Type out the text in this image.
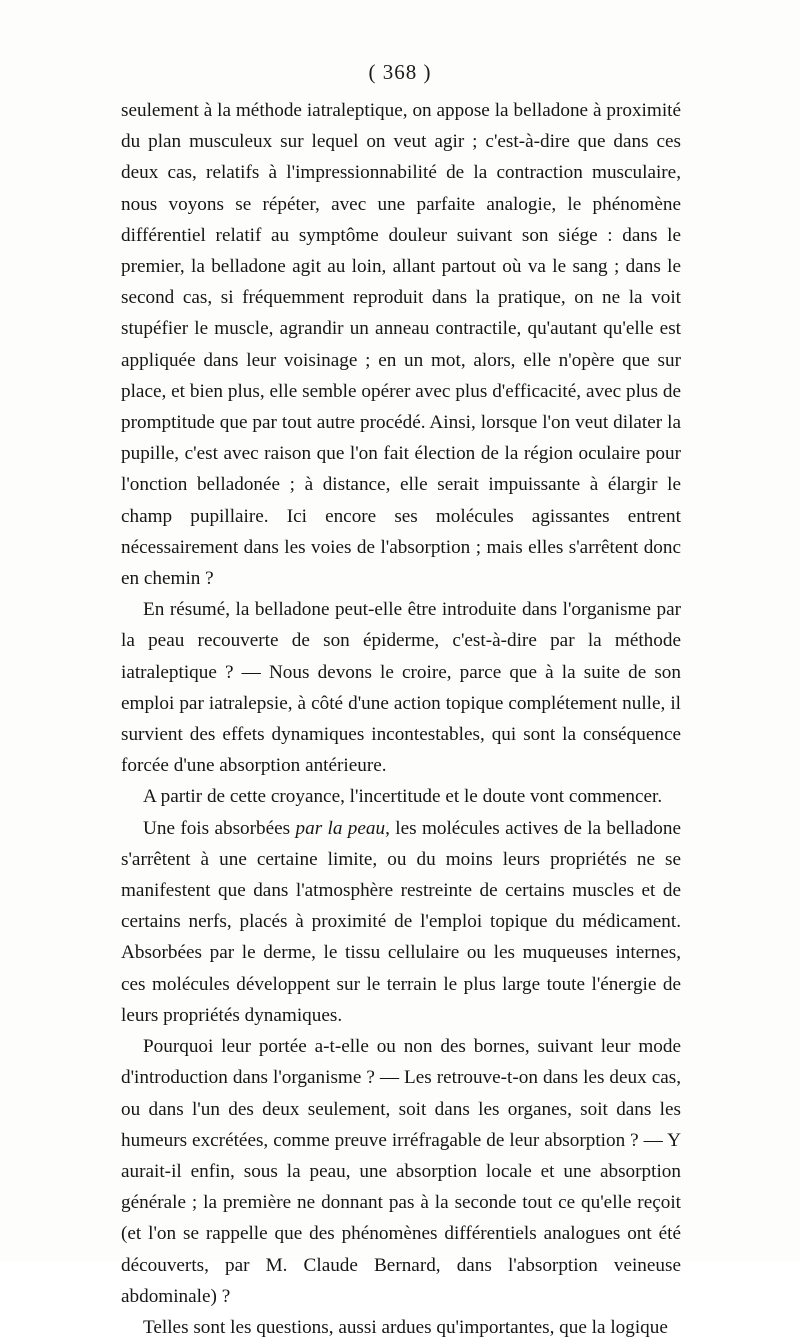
( 368 )

seulement à la méthode iatraleptique, on appose la belladone à proximité du plan musculeux sur lequel on veut agir ; c'est-à-dire que dans ces deux cas, relatifs à l'impressionnabilité de la contraction musculaire, nous voyons se répéter, avec une parfaite analogie, le phénomène différentiel relatif au symptôme douleur suivant son siége : dans le premier, la belladone agit au loin, allant partout où va le sang ; dans le second cas, si fréquemment reproduit dans la pratique, on ne la voit stupéfier le muscle, agrandir un anneau contractile, qu'autant qu'elle est appliquée dans leur voisinage ; en un mot, alors, elle n'opère que sur place, et bien plus, elle semble opérer avec plus d'efficacité, avec plus de promptitude que par tout autre procédé. Ainsi, lorsque l'on veut dilater la pupille, c'est avec raison que l'on fait élection de la région oculaire pour l'onction belladonée ; à distance, elle serait impuissante à élargir le champ pupillaire. Ici encore ses molécules agissantes entrent nécessairement dans les voies de l'absorption ; mais elles s'arrêtent donc en chemin ?

En résumé, la belladone peut-elle être introduite dans l'organisme par la peau recouverte de son épiderme, c'est-à-dire par la méthode iatraleptique ? — Nous devons le croire, parce que à la suite de son emploi par iatralepsie, à côté d'une action topique complétement nulle, il survient des effets dynamiques incontestables, qui sont la conséquence forcée d'une absorption antérieure.

A partir de cette croyance, l'incertitude et le doute vont commencer.

Une fois absorbées par la peau, les molécules actives de la belladone s'arrêtent à une certaine limite, ou du moins leurs propriétés ne se manifestent que dans l'atmosphère restreinte de certains muscles et de certains nerfs, placés à proximité de l'emploi topique du médicament. Absorbées par le derme, le tissu cellulaire ou les muqueuses internes, ces molécules développent sur le terrain le plus large toute l'énergie de leurs propriétés dynamiques.

Pourquoi leur portée a-t-elle ou non des bornes, suivant leur mode d'introduction dans l'organisme ? — Les retrouve-t-on dans les deux cas, ou dans l'un des deux seulement, soit dans les organes, soit dans les humeurs excrétées, comme preuve irréfragable de leur absorption ? — Y aurait-il enfin, sous la peau, une absorption locale et une absorption générale ; la première ne donnant pas à la seconde tout ce qu'elle reçoit (et l'on se rappelle que des phénomènes différentiels analogues ont été découverts, par M. Claude Bernard, dans l'absorption veineuse abdominale) ?

Telles sont les questions, aussi ardues qu'importantes, que la logique
